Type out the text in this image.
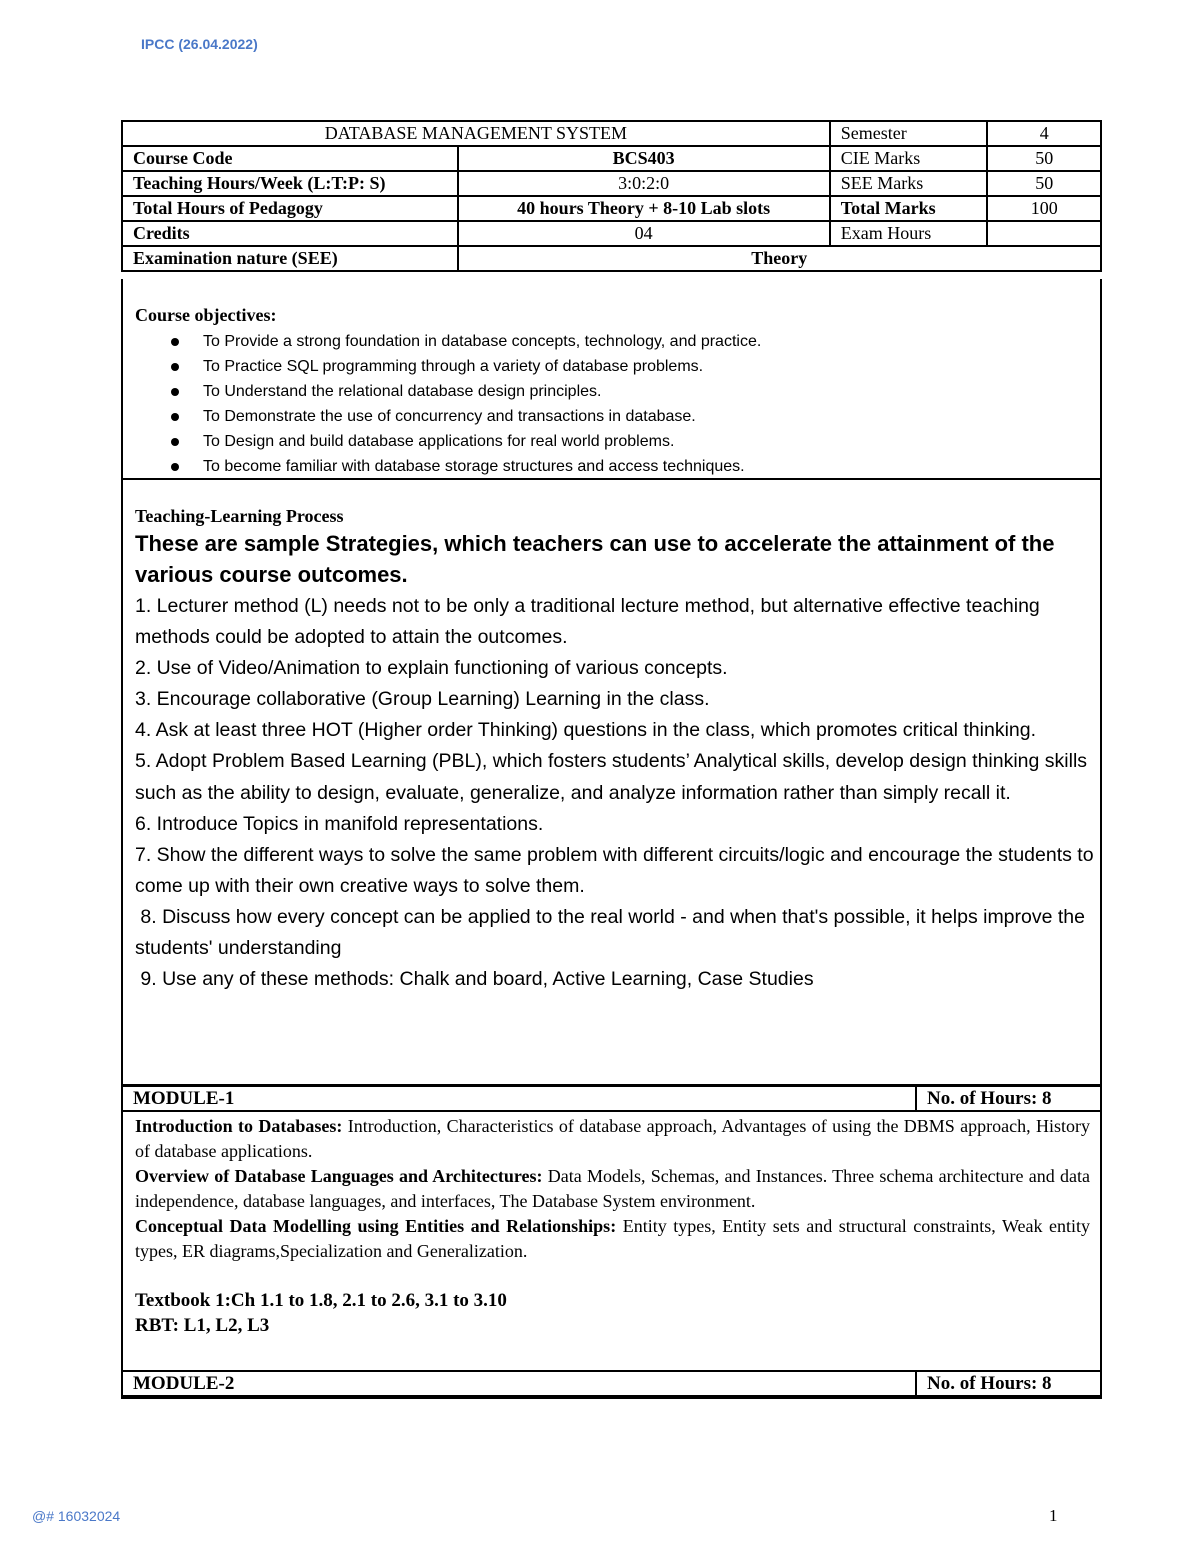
IPCC (26.04.2022)
DATABASE MANAGEMENT SYSTEM		Semester	4
Course Code	BCS403	CIE Marks	50
Teaching Hours/Week (L:T:P: S)	3:0:2:0	SEE Marks	50
Total Hours of Pedagogy	40 hours Theory + 8-10 Lab slots	Total Marks	100
Credits	04	Exam Hours	
Examination nature (SEE)	Theory		
Course objectives:
To Provide a strong foundation in database concepts, technology, and practice.
To Practice SQL programming through a variety of database problems.
To Understand the relational database design principles.
To Demonstrate the use of concurrency and transactions in database.
To Design and build database applications for real world problems.
To become familiar with database storage structures and access techniques.
Teaching-Learning Process
These are sample Strategies, which teachers can use to accelerate the attainment of the various course outcomes.
1. Lecturer method (L) needs not to be only a traditional lecture method, but alternative effective teaching methods could be adopted to attain the outcomes.
2. Use of Video/Animation to explain functioning of various concepts.
3. Encourage collaborative (Group Learning) Learning in the class.
4. Ask at least three HOT (Higher order Thinking) questions in the class, which promotes critical thinking.
5. Adopt Problem Based Learning (PBL), which fosters students’ Analytical skills, develop design thinking skills such as the ability to design, evaluate, generalize, and analyze information rather than simply recall it.
6. Introduce Topics in manifold representations.
7. Show the different ways to solve the same problem with different circuits/logic and encourage the students to come up with their own creative ways to solve them.
8. Discuss how every concept can be applied to the real world - and when that's possible, it helps improve the students' understanding
9. Use any of these methods: Chalk and board, Active Learning, Case Studies
MODULE-1	No. of Hours: 8

Introduction to Databases: Introduction, Characteristics of database approach, Advantages of using the DBMS approach, History of database applications.

Overview of Database Languages and Architectures: Data Models, Schemas, and Instances. Three schema architecture and data independence, database languages, and interfaces, The Database System environment.

Conceptual Data Modelling using Entities and Relationships: Entity types, Entity sets and structural constraints, Weak entity types, ER diagrams,Specialization and Generalization.

Textbook 1:Ch 1.1 to 1.8, 2.1 to 2.6, 3.1 to 3.10
RBT: L1, L2, L3
MODULE-2	No. of Hours: 8
@# 16032024	1
